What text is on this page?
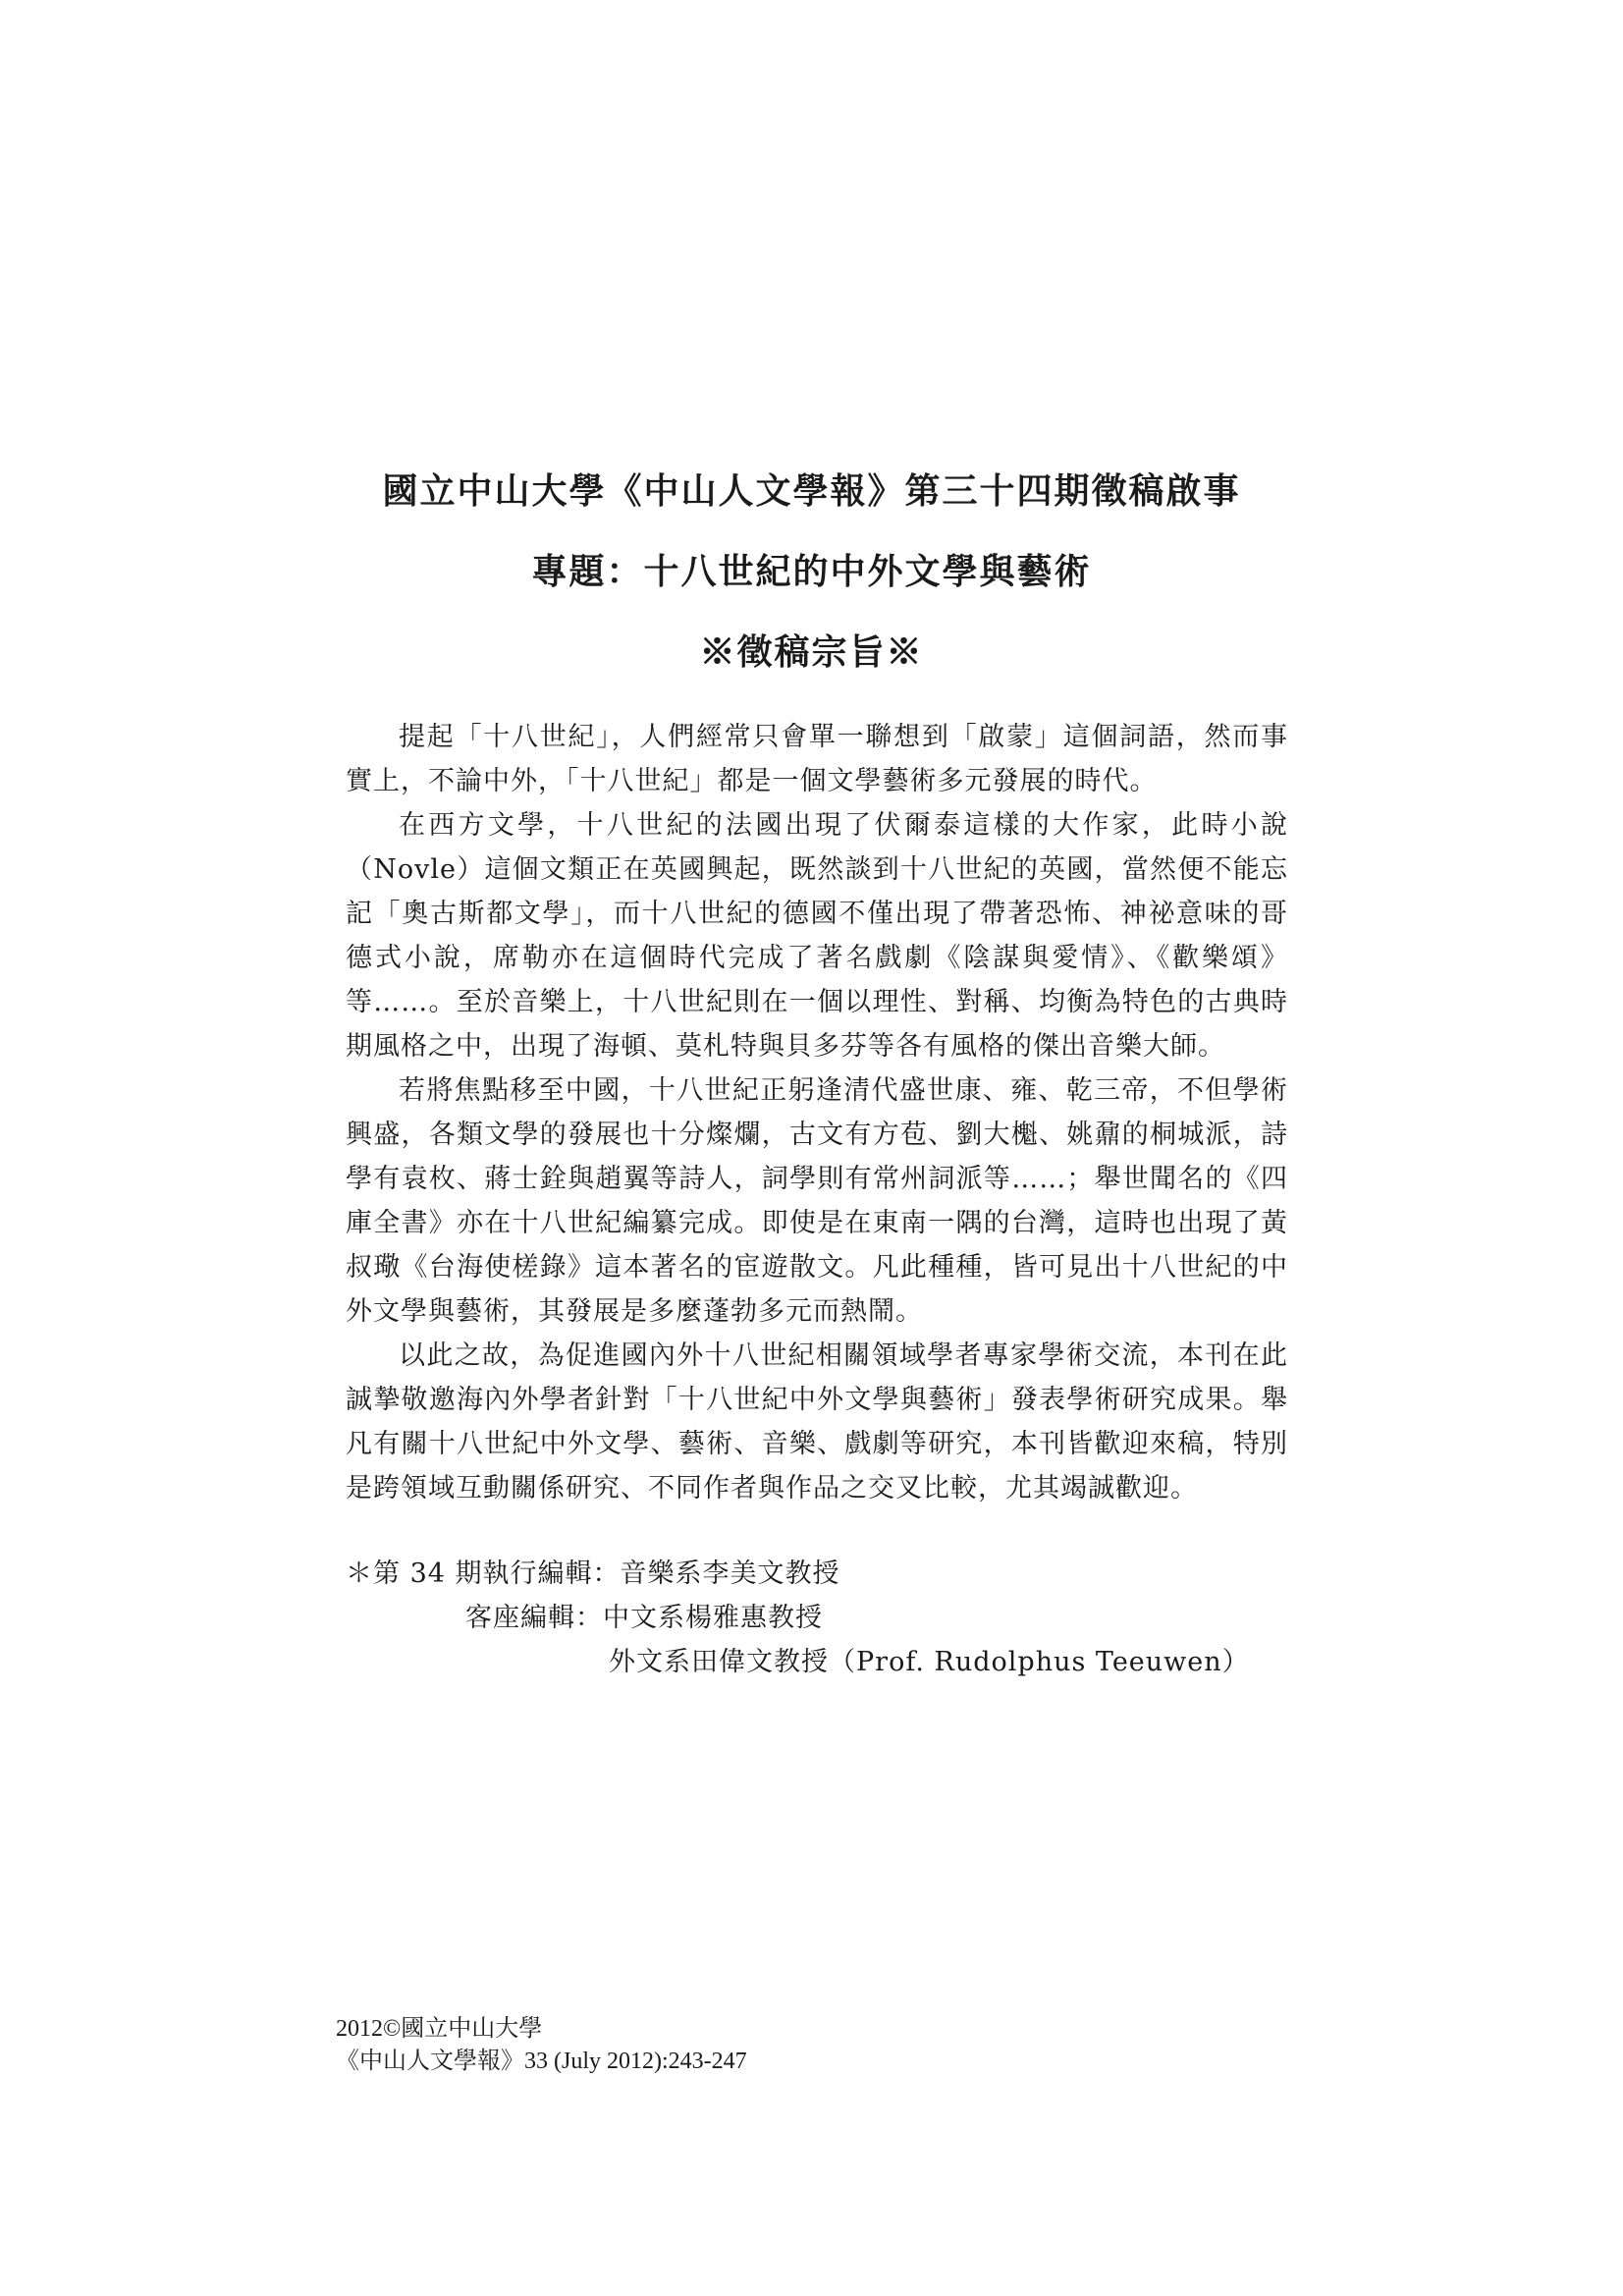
國立中山大學《中山人文學報》第三十四期徵稿啟事
專題：十八世紀的中外文學與藝術
※徵稿宗旨※

提起「十八世紀」，人們經常只會單一聯想到「啟蒙」這個詞語，然而事實上，不論中外，「十八世紀」都是一個文學藝術多元發展的時代。

在西方文學，十八世紀的法國出現了伏爾泰這樣的大作家，此時小說（Novle）這個文類正在英國興起，既然談到十八世紀的英國，當然便不能忘記「奧古斯都文學」，而十八世紀的德國不僅出現了帶著恐怖、神祕意味的哥德式小說，席勒亦在這個時代完成了著名戲劇《陰謀與愛情》、《歡樂頌》等……。至於音樂上，十八世紀則在一個以理性、對稱、均衡為特色的古典時期風格之中，出現了海頓、莫札特與貝多芬等各有風格的傑出音樂大師。

若將焦點移至中國，十八世紀正躬逢清代盛世康、雍、乾三帝，不但學術興盛，各類文學的發展也十分燦爛，古文有方苞、劉大櫆、姚鼐的桐城派，詩學有袁枚、蔣士銓與趙翼等詩人，詞學則有常州詞派等……；舉世聞名的《四庫全書》亦在十八世紀編纂完成。即使是在東南一隅的台灣，這時也出現了黃叔璥《台海使槎錄》這本著名的宦遊散文。凡此種種，皆可見出十八世紀的中外文學與藝術，其發展是多麼蓬勃多元而熱鬧。

以此之故，為促進國內外十八世紀相關領域學者專家學術交流，本刊在此誠摯敬邀海內外學者針對「十八世紀中外文學與藝術」發表學術研究成果。舉凡有關十八世紀中外文學、藝術、音樂、戲劇等研究，本刊皆歡迎來稿，特別是跨領域互動關係研究、不同作者與作品之交叉比較，尤其竭誠歡迎。

＊第 34 期執行編輯：音樂系李美文教授

客座編輯：中文系楊雅惠教授

外文系田偉文教授（Prof. Rudolphus Teeuwen）

2012©國立中山大學

《中山人文學報》33 (July 2012):243-247
